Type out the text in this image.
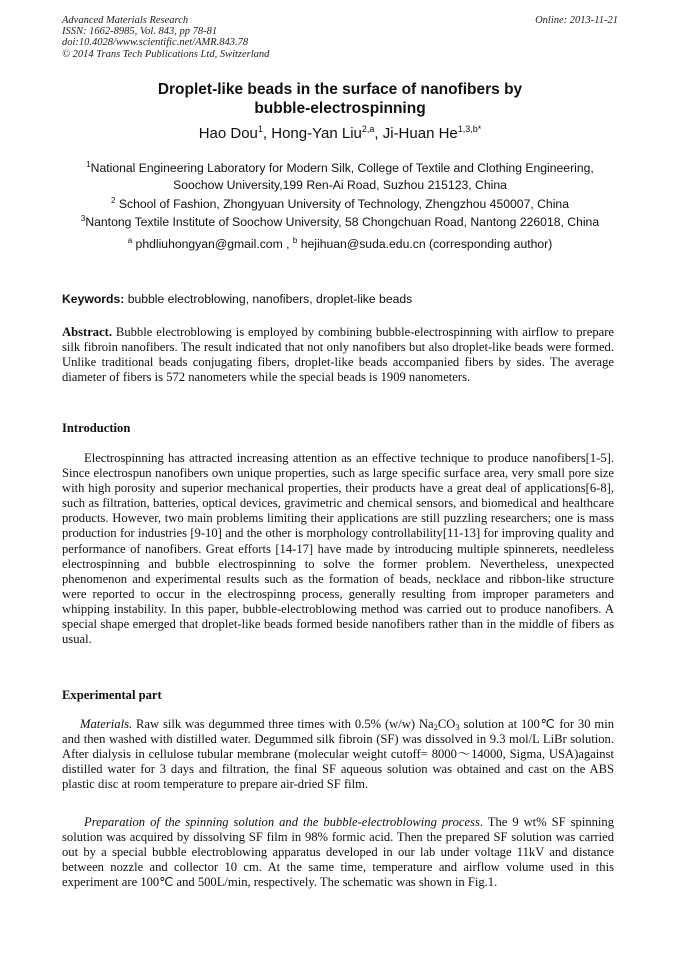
Advanced Materials Research
ISSN: 1662-8985, Vol. 843, pp 78-81
doi:10.4028/www.scientific.net/AMR.843.78
© 2014 Trans Tech Publications Ltd, Switzerland
Online: 2013-11-21
Droplet-like beads in the surface of nanofibers by
bubble-electrospinning
Hao Dou$^1$, Hong-Yan Liu$^{2,a}$, Ji-Huan $He^{1,3,b*}$
$^1$National Engineering Laboratory for Modern Silk, College of Textile and Clothing Engineering,
Soochow University,199 Ren-Ai Road, Suzhou 215123, China
$^2$ School of Fashion, Zhongyuan University of Technology, Zhengzhou 450007, China
$^3$Nantong Textile Institute of Soochow University, 58 Chongchuan Road, Nantong 226018, China
$^a$ phdliuhongyan@gmail.com , $^b$ hejihuan@suda.edu.cn (corresponding author)
Keywords: bubble electroblowing, nanofibers, droplet-like beads
Abstract. Bubble electroblowing is employed by combining bubble-electrospinning with airflow to prepare silk fibroin nanofibers. The result indicated that not only nanofibers but also droplet-like beads were formed. Unlike traditional beads conjugating fibers, droplet-like beads accompanied fibers by sides. The average diameter of fibers is 572 nanometers while the special beads is 1909 nanometers.
Introduction
Electrospinning has attracted increasing attention as an effective technique to produce nanofibers[1-5]. Since electrospun nanofibers own unique properties, such as large specific surface area, very small pore size with high porosity and superior mechanical properties, their products have a great deal of applications[6-8], such as filtration, batteries, optical devices, gravimetric and chemical sensors, and biomedical and healthcare products. However, two main problems limiting their applications are still puzzling researchers; one is mass production for industries [9-10] and the other is morphology controllability[11-13] for improving quality and performance of nanofibers. Great efforts [14-17] have made by introducing multiple spinnerets, needleless electrospinning and bubble electrospinning to solve the former problem. Nevertheless, unexpected phenomenon and experimental results such as the formation of beads, necklace and ribbon-like structure were reported to occur in the electrospinng process, generally resulting from improper parameters and whipping instability. In this paper, bubble-electroblowing method was carried out to produce nanofibers. A special shape emerged that droplet-like beads formed beside nanofibers rather than in the middle of fibers as usual.
Experimental part
Materials. Raw silk was degummed three times with 0.5% (w/w) $Na_2CO_3$ solution at 100℃ for 30 min and then washed with distilled water. Degummed silk fibroin (SF) was dissolved in 9.3 mol/L LiBr solution. After dialysis in cellulose tubular membrane (molecular weight cutoff= 8000～14000, Sigma, USA)against distilled water for 3 days and filtration, the final SF aqueous solution was obtained and cast on the ABS plastic disc at room temperature to prepare air-dried SF film.
Preparation of the spinning solution and the bubble-electroblowing process. The 9 wt% SF spinning solution was acquired by dissolving SF film in 98% formic acid. Then the prepared SF solution was carried out by a special bubble electroblowing apparatus developed in our lab under voltage 11kV and distance between nozzle and collector 10 cm. At the same time, temperature and airflow volume used in this experiment are 100℃ and 500L/min, respectively. The schematic was shown in Fig.1.
